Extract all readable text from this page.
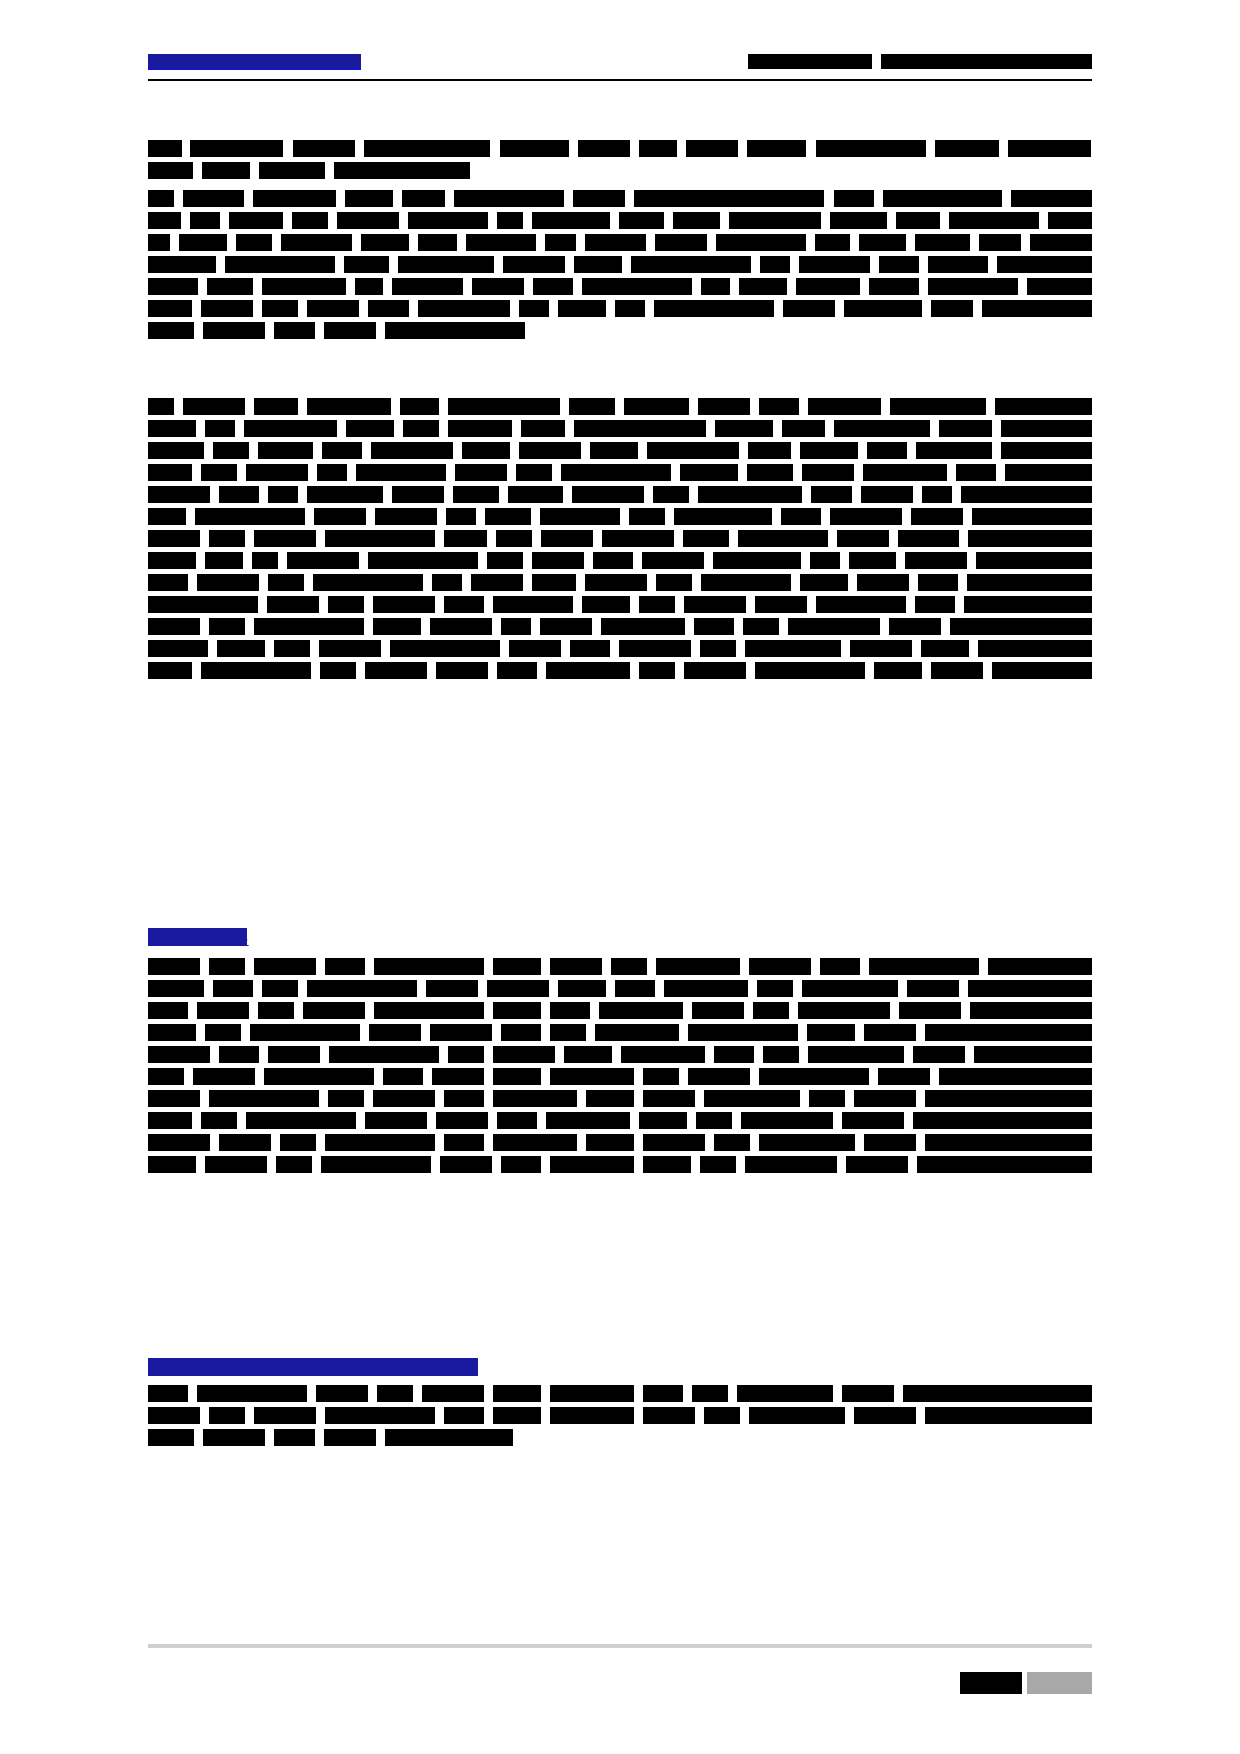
METHODS
RESULTS AND DISCUSSION
